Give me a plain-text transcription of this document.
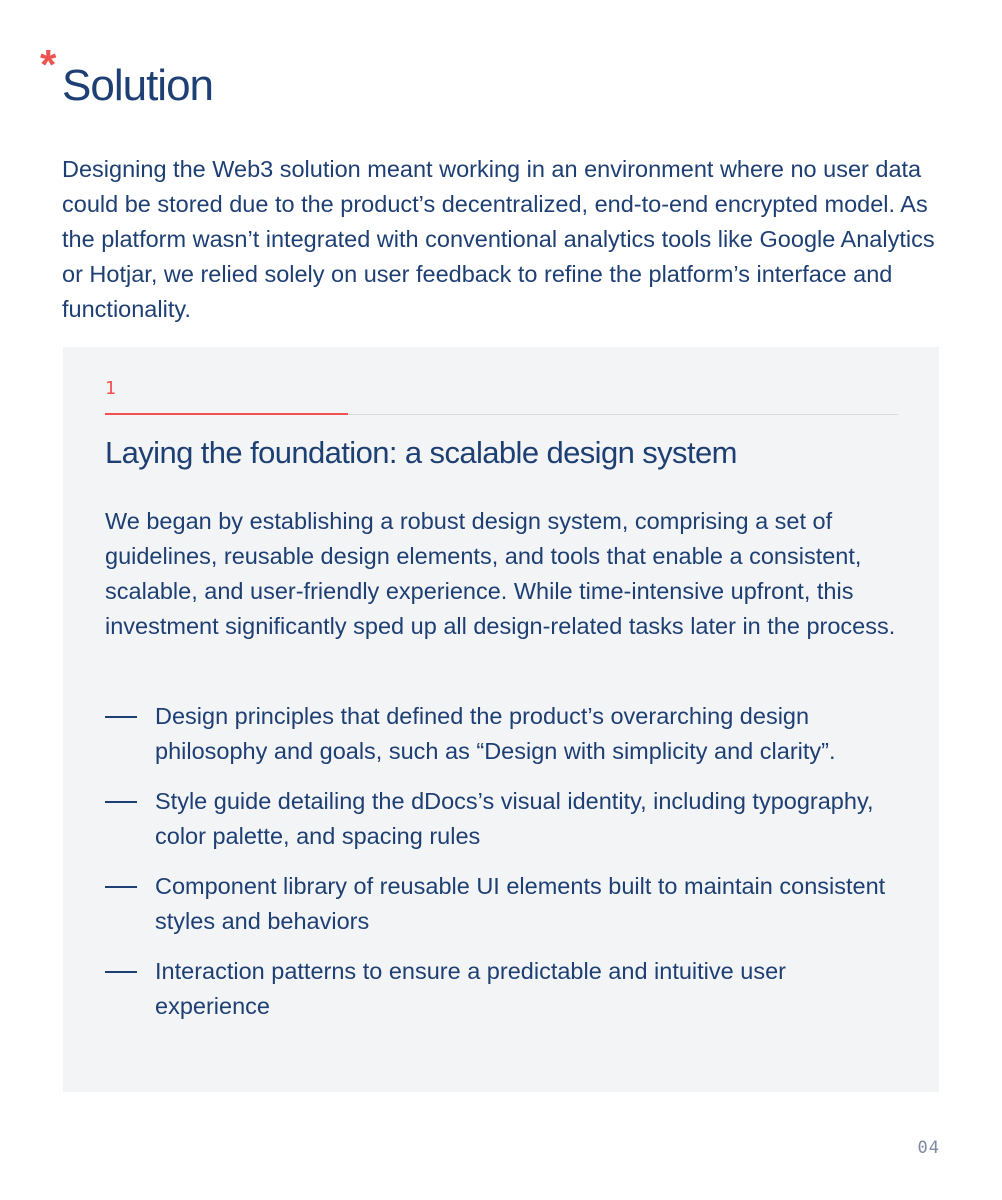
* Solution

Designing the Web3 solution meant working in an environment where no user data could be stored due to the product’s decentralized, end-to-end encrypted model. As the platform wasn’t integrated with conventional analytics tools like Google Analytics or Hotjar, we relied solely on user feedback to refine the platform’s interface and functionality.

1
Laying the foundation: a scalable design system

We began by establishing a robust design system, comprising a set of guidelines, reusable design elements, and tools that enable a consistent, scalable, and user-friendly experience. While time-intensive upfront, this investment significantly sped up all design-related tasks later in the process.

Design principles that defined the product’s overarching design philosophy and goals, such as “Design with simplicity and clarity”.
Style guide detailing the dDocs’s visual identity, including typography, color palette, and spacing rules
Component library of reusable UI elements built to maintain consistent styles and behaviors
Interaction patterns to ensure a predictable and intuitive user experience
04
